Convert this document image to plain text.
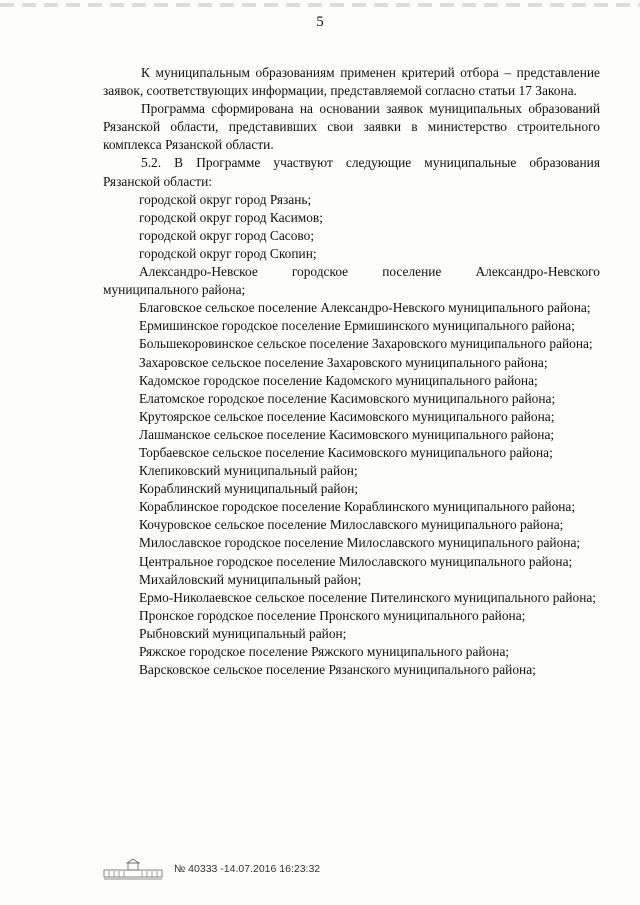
5

К муниципальным образованиям применен критерий отбора – представление заявок, соответствующих информации, представляемой согласно статьи 17 Закона.

Программа сформирована на основании заявок муниципальных образований Рязанской области, представивших свои заявки в министерство строительного комплекса Рязанской области.

5.2. В Программе участвуют следующие муниципальные образования Рязанской области:

городской округ город Рязань;

городской округ город Касимов;

городской округ город Сасово;

городской округ город Скопин;

Александро-Невское городское поселение Александро-Невского муниципального района;

Благовское сельское поселение Александро-Невского муниципального района;

Ермишинское городское поселение Ермишинского муниципального района;

Большекоровинское сельское поселение Захаровского муниципального района;

Захаровское сельское поселение Захаровского муниципального района;

Кадомское городское поселение Кадомского муниципального района;

Елатомское городское поселение Касимовского муниципального района;

Крутоярское сельское поселение Касимовского муниципального района;

Лашманское сельское поселение Касимовского муниципального района;

Торбаевское сельское поселение Касимовского муниципального района;

Клепиковский муниципальный район;

Кораблинский муниципальный район;

Кораблинское городское поселение Кораблинского муниципального района;

Кочуровское сельское поселение Милославского муниципального района;

Милославское городское поселение Милославского муниципального района;

Центральное городское поселение Милославского муниципального района;

Михайловский муниципальный район;

Ермо-Николаевское сельское поселение Пителинского муниципального района;

Пронское городское поселение Пронского муниципального района;

Рыбновский муниципальный район;

Ряжское городское поселение Ряжского муниципального района;

Варсковское сельское поселение Рязанского муниципального района;

№ 40333 -14.07.2016 16:23:32
